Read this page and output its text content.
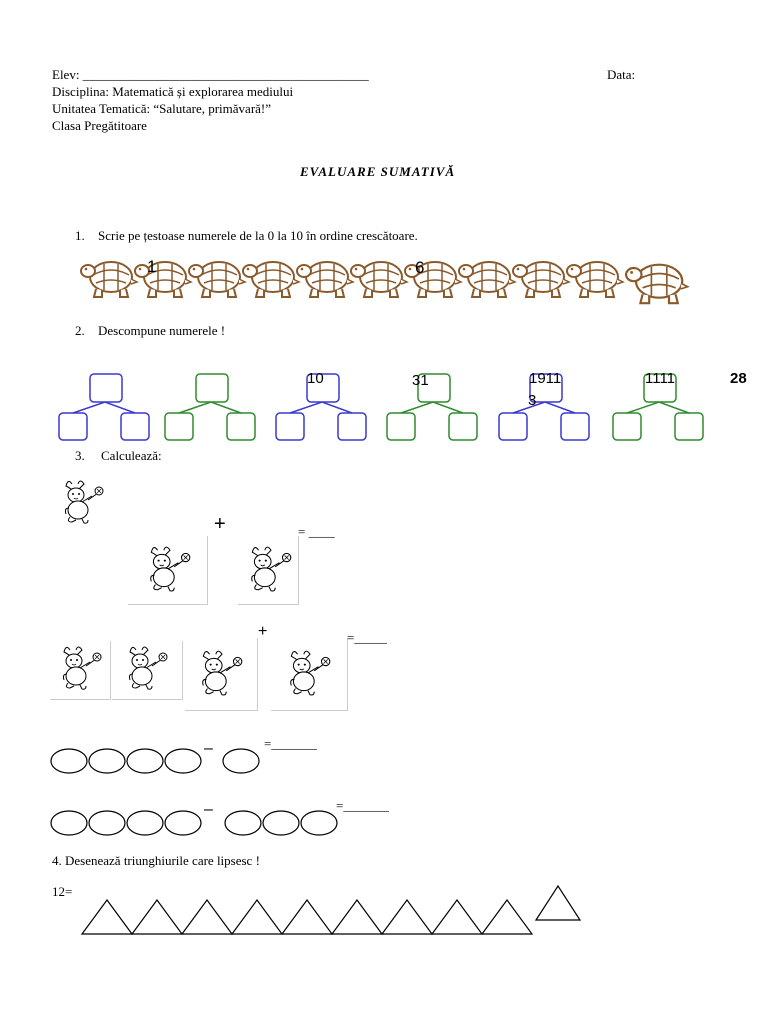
Elev: ____________________________________________	Data:
Disciplina: Matematică și explorarea mediului
Unitatea Tematică: “Salutare, primăvară!”
Clasa Pregătitoare
EVALUARE SUMATIVĂ
1. Scrie pe țestoase numerele de la 0 la 10 în ordine crescătoare.
1	6
2. Descompune numerele !
10	31	1911
3
1111	28
3. Calculează:
+	= ____
+	=_____
–	=_______
–	=_______
4. Desenează triunghiurile care lipsesc !
12=
